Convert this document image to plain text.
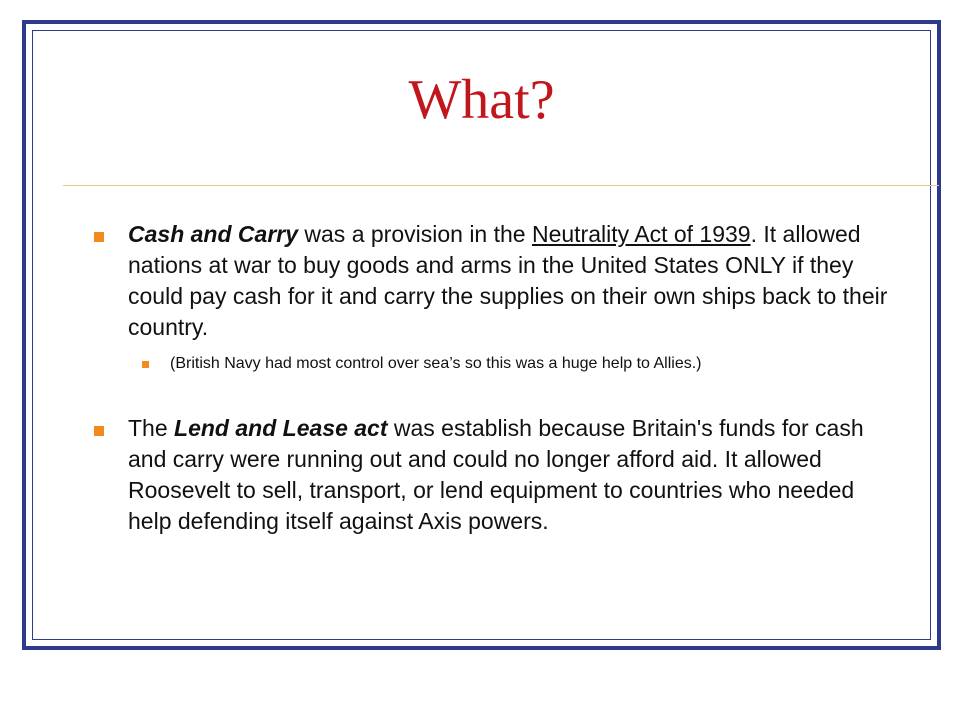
What?

Cash and Carry was a provision in the Neutrality Act of 1939. It allowed nations at war to buy goods and arms in the United States ONLY if they could pay cash for it and carry the supplies on their own ships back to their country.

(British Navy had most control over sea’s so this was a huge help to Allies.)

The Lend and Lease act was establish because Britain's funds for cash and carry were running out and could no longer afford aid. It allowed Roosevelt to sell, transport, or lend equipment to countries who needed help defending itself against Axis powers.
